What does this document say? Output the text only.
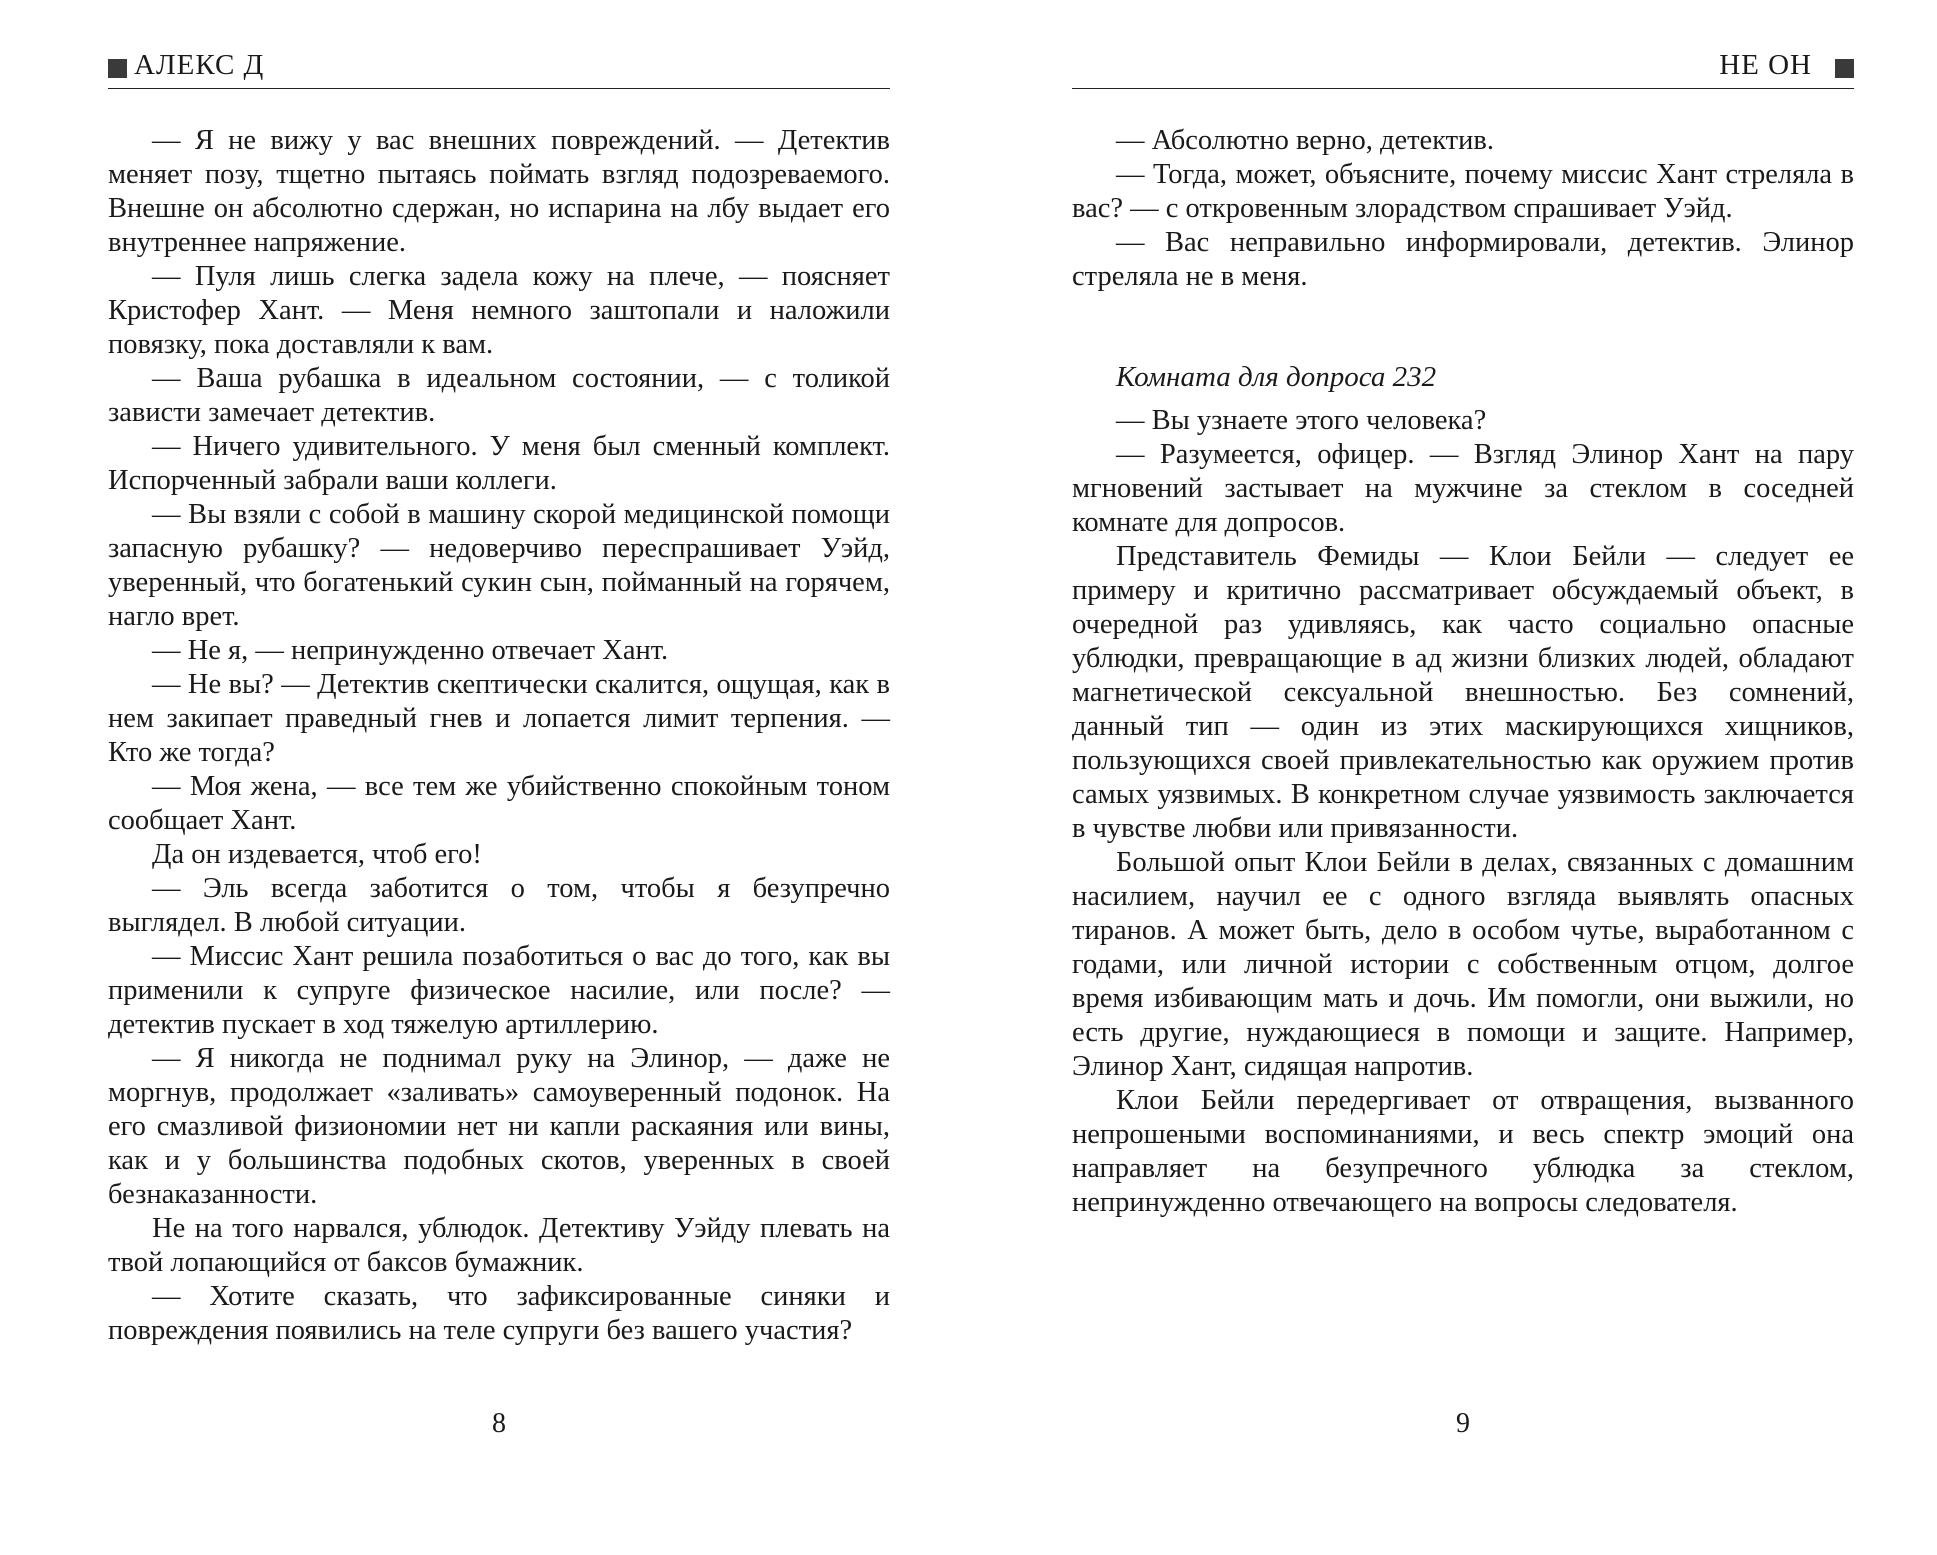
АЛЕКС Д

— Я не вижу у вас внешних повреждений. — Детектив меняет позу, тщетно пытаясь поймать взгляд подозреваемого. Внешне он абсолютно сдержан, но испарина на лбу выдает его внутреннее напряжение.

— Пуля лишь слегка задела кожу на плече, — поясняет Кристофер Хант. — Меня немного заштопали и наложили повязку, пока доставляли к вам.

— Ваша рубашка в идеальном состоянии, — с толикой зависти замечает детектив.

— Ничего удивительного. У меня был сменный комплект. Испорченный забрали ваши коллеги.

— Вы взяли с собой в машину скорой медицинской помощи запасную рубашку? — недоверчиво переспрашивает Уэйд, уверенный, что богатенький сукин сын, пойманный на горячем, нагло врет.

— Не я, — непринужденно отвечает Хант.

— Не вы? — Детектив скептически скалится, ощущая, как в нем закипает праведный гнев и лопается лимит терпения. — Кто же тогда?

— Моя жена, — все тем же убийственно спокойным тоном сообщает Хант.

Да он издевается, чтоб его!

— Эль всегда заботится о том, чтобы я безупречно выглядел. В любой ситуации.

— Миссис Хант решила позаботиться о вас до того, как вы применили к супруге физическое насилие, или после? — детектив пускает в ход тяжелую артиллерию.

— Я никогда не поднимал руку на Элинор, — даже не моргнув, продолжает «заливать» самоуверенный подонок. На его смазливой физиономии нет ни капли раскаяния или вины, как и у большинства подобных скотов, уверенных в своей безнаказанности.

Не на того нарвался, ублюдок. Детективу Уэйду плевать на твой лопающийся от баксов бумажник.

— Хотите сказать, что зафиксированные синяки и повреждения появились на теле супруги без вашего участия?

8
НЕ ОН

— Абсолютно верно, детектив.

— Тогда, может, объясните, почему миссис Хант стреляла в вас? — с откровенным злорадством спрашивает Уэйд.

— Вас неправильно информировали, детектив. Элинор стреляла не в меня.

Комната для допроса 232

— Вы узнаете этого человека?

— Разумеется, офицер. — Взгляд Элинор Хант на пару мгновений застывает на мужчине за стеклом в соседней комнате для допросов.

Представитель Фемиды — Клои Бейли — следует ее примеру и критично рассматривает обсуждаемый объект, в очередной раз удивляясь, как часто социально опасные ублюдки, превращающие в ад жизни близких людей, обладают магнетической сексуальной внешностью. Без сомнений, данный тип — один из этих маскирующихся хищников, пользующихся своей привлекательностью как оружием против самых уязвимых. В конкретном случае уязвимость заключается в чувстве любви или привязанности.

Большой опыт Клои Бейли в делах, связанных с домашним насилием, научил ее с одного взгляда выявлять опасных тиранов. А может быть, дело в особом чутье, выработанном с годами, или личной истории с собственным отцом, долгое время избивающим мать и дочь. Им помогли, они выжили, но есть другие, нуждающиеся в помощи и защите. Например, Элинор Хант, сидящая напротив.

Клои Бейли передергивает от отвращения, вызванного непрошеными воспоминаниями, и весь спектр эмоций она направляет на безупречного ублюдка за стеклом, непринужденно отвечающего на вопросы следователя.

9
